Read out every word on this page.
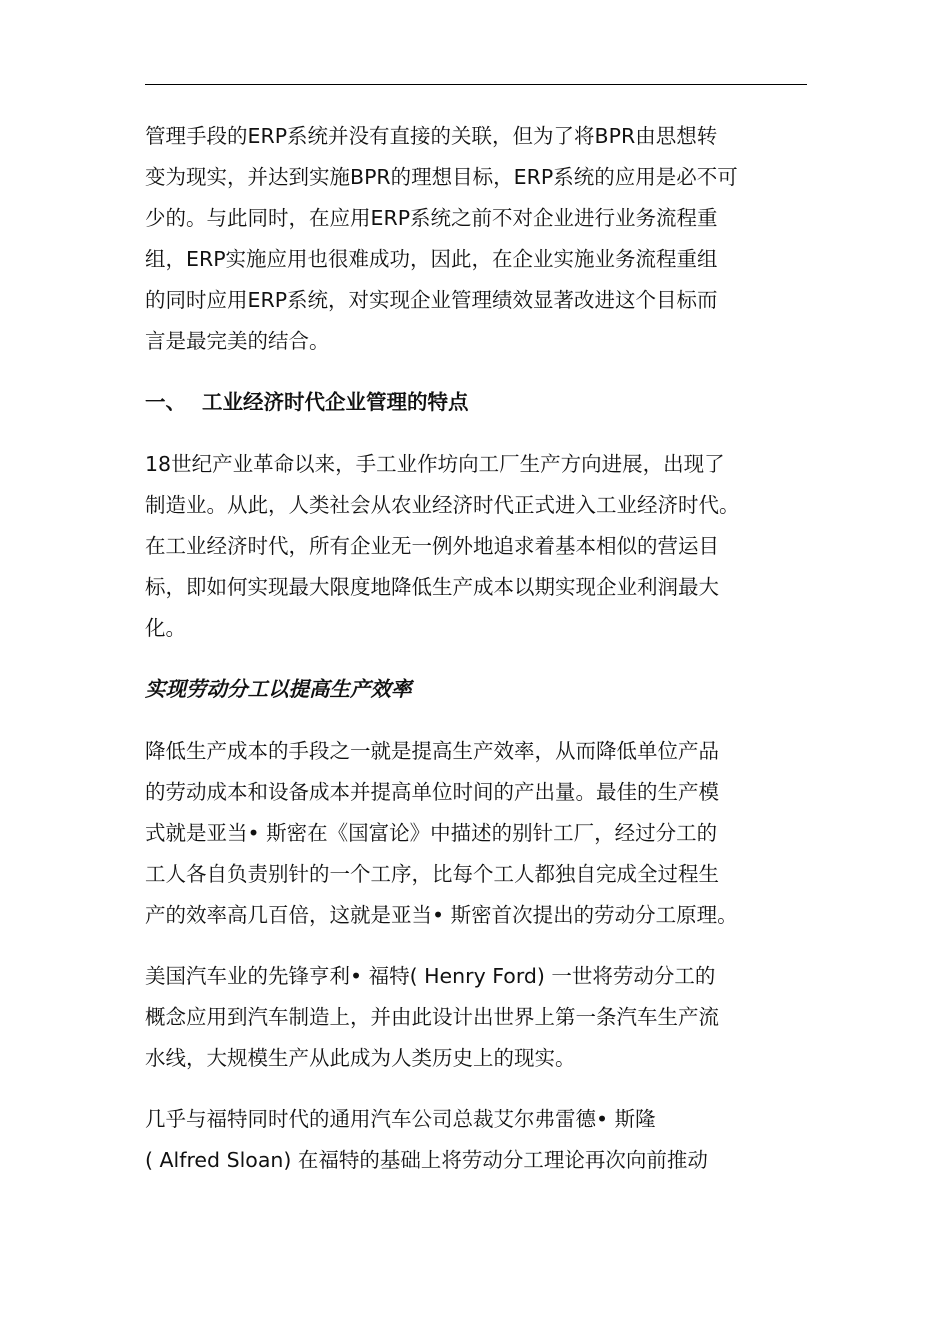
管理手段的ERP系统并没有直接的关联，但为了将BPR由思想转
变为现实，并达到实施BPR的理想目标，ERP系统的应用是必不可
少的。与此同时，在应用ERP系统之前不对企业进行业务流程重
组，ERP实施应用也很难成功，因此，在企业实施业务流程重组
的同时应用ERP系统，对实现企业管理绩效显著改进这个目标而
言是最完美的结合。
一、 工业经济时代企业管理的特点
18世纪产业革命以来，手工业作坊向工厂生产方向进展，出现了
制造业。从此，人类社会从农业经济时代正式进入工业经济时代。
在工业经济时代，所有企业无一例外地追求着基本相似的营运目
标，即如何实现最大限度地降低生产成本以期实现企业利润最大
化。
实现劳动分工以提高生产效率
降低生产成本的手段之一就是提高生产效率，从而降低单位产品
的劳动成本和设备成本并提高单位时间的产出量。最佳的生产模
式就是亚当• 斯密在《国富论》中描述的别针工厂，经过分工的
工人各自负责别针的一个工序，比每个工人都独自完成全过程生
产的效率高几百倍，这就是亚当• 斯密首次提出的劳动分工原理。
美国汽车业的先锋亨利• 福特( Henry Ford) 一世将劳动分工的
概念应用到汽车制造上，并由此设计出世界上第一条汽车生产流
水线，大规模生产从此成为人类历史上的现实。
几乎与福特同时代的通用汽车公司总裁艾尔弗雷德• 斯隆
( Alfred Sloan) 在福特的基础上将劳动分工理论再次向前推动
